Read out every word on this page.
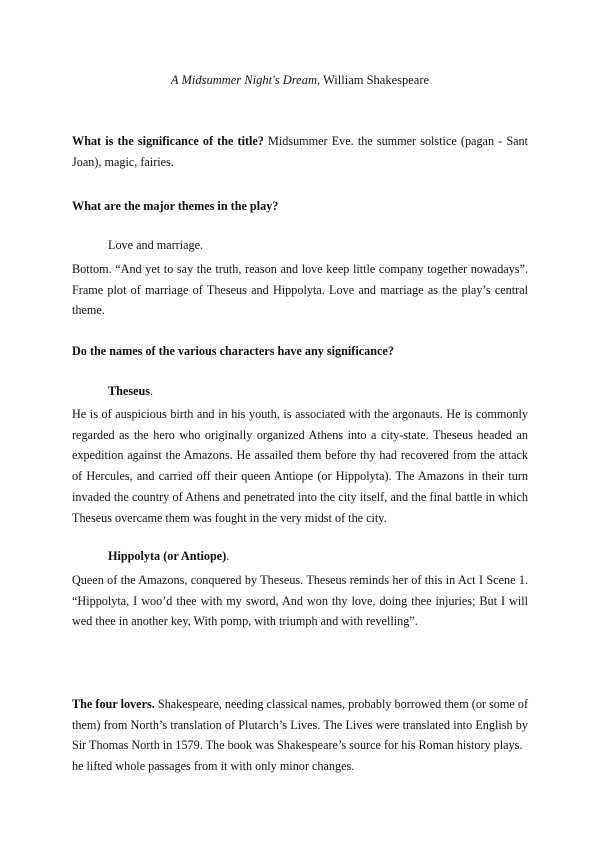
A Midsummer Night's Dream, William Shakespeare
What is the significance of the title? Midsummer Eve. the summer solstice (pagan - Sant Joan), magic, fairies.
What are the major themes in the play?
Love and marriage.
Bottom. “And yet to say the truth, reason and love keep little company together nowadays”.
Frame plot of marriage of Theseus and Hippolyta. Love and marriage as the play’s central
theme.
Do the names of the various characters have any significance?
Theseus.
He is of auspicious birth and in his youth, is associated with the argonauts. He is commonly
regarded as the hero who originally organized Athens into a city-state. Theseus headed an
expedition against the Amazons. He assailed them before thy had recovered from the attack
of Hercules, and carried off their queen Antiope (or Hippolyta). The Amazons in their turn
invaded the country of Athens and penetrated into the city itself, and the final battle in which
Theseus overcame them was fought in the very midst of the city.
Hippolyta (or Antiope).
Queen of the Amazons, conquered by Theseus. Theseus reminds her of this in Act I Scene 1.
“Hippolyta, I woo’d thee with my sword, And won thy love, doing thee injuries; But I will
wed thee in another key, With pomp, with triumph and with revelling”.
The four lovers. Shakespeare, needing classical names, probably borrowed them (or some of
them) from North’s translation of Plutarch’s Lives. The Lives were translated into English by
Sir Thomas North in 1579. The book was Shakespeare’s source for his Roman history plays.
he lifted whole passages from it with only minor changes.
